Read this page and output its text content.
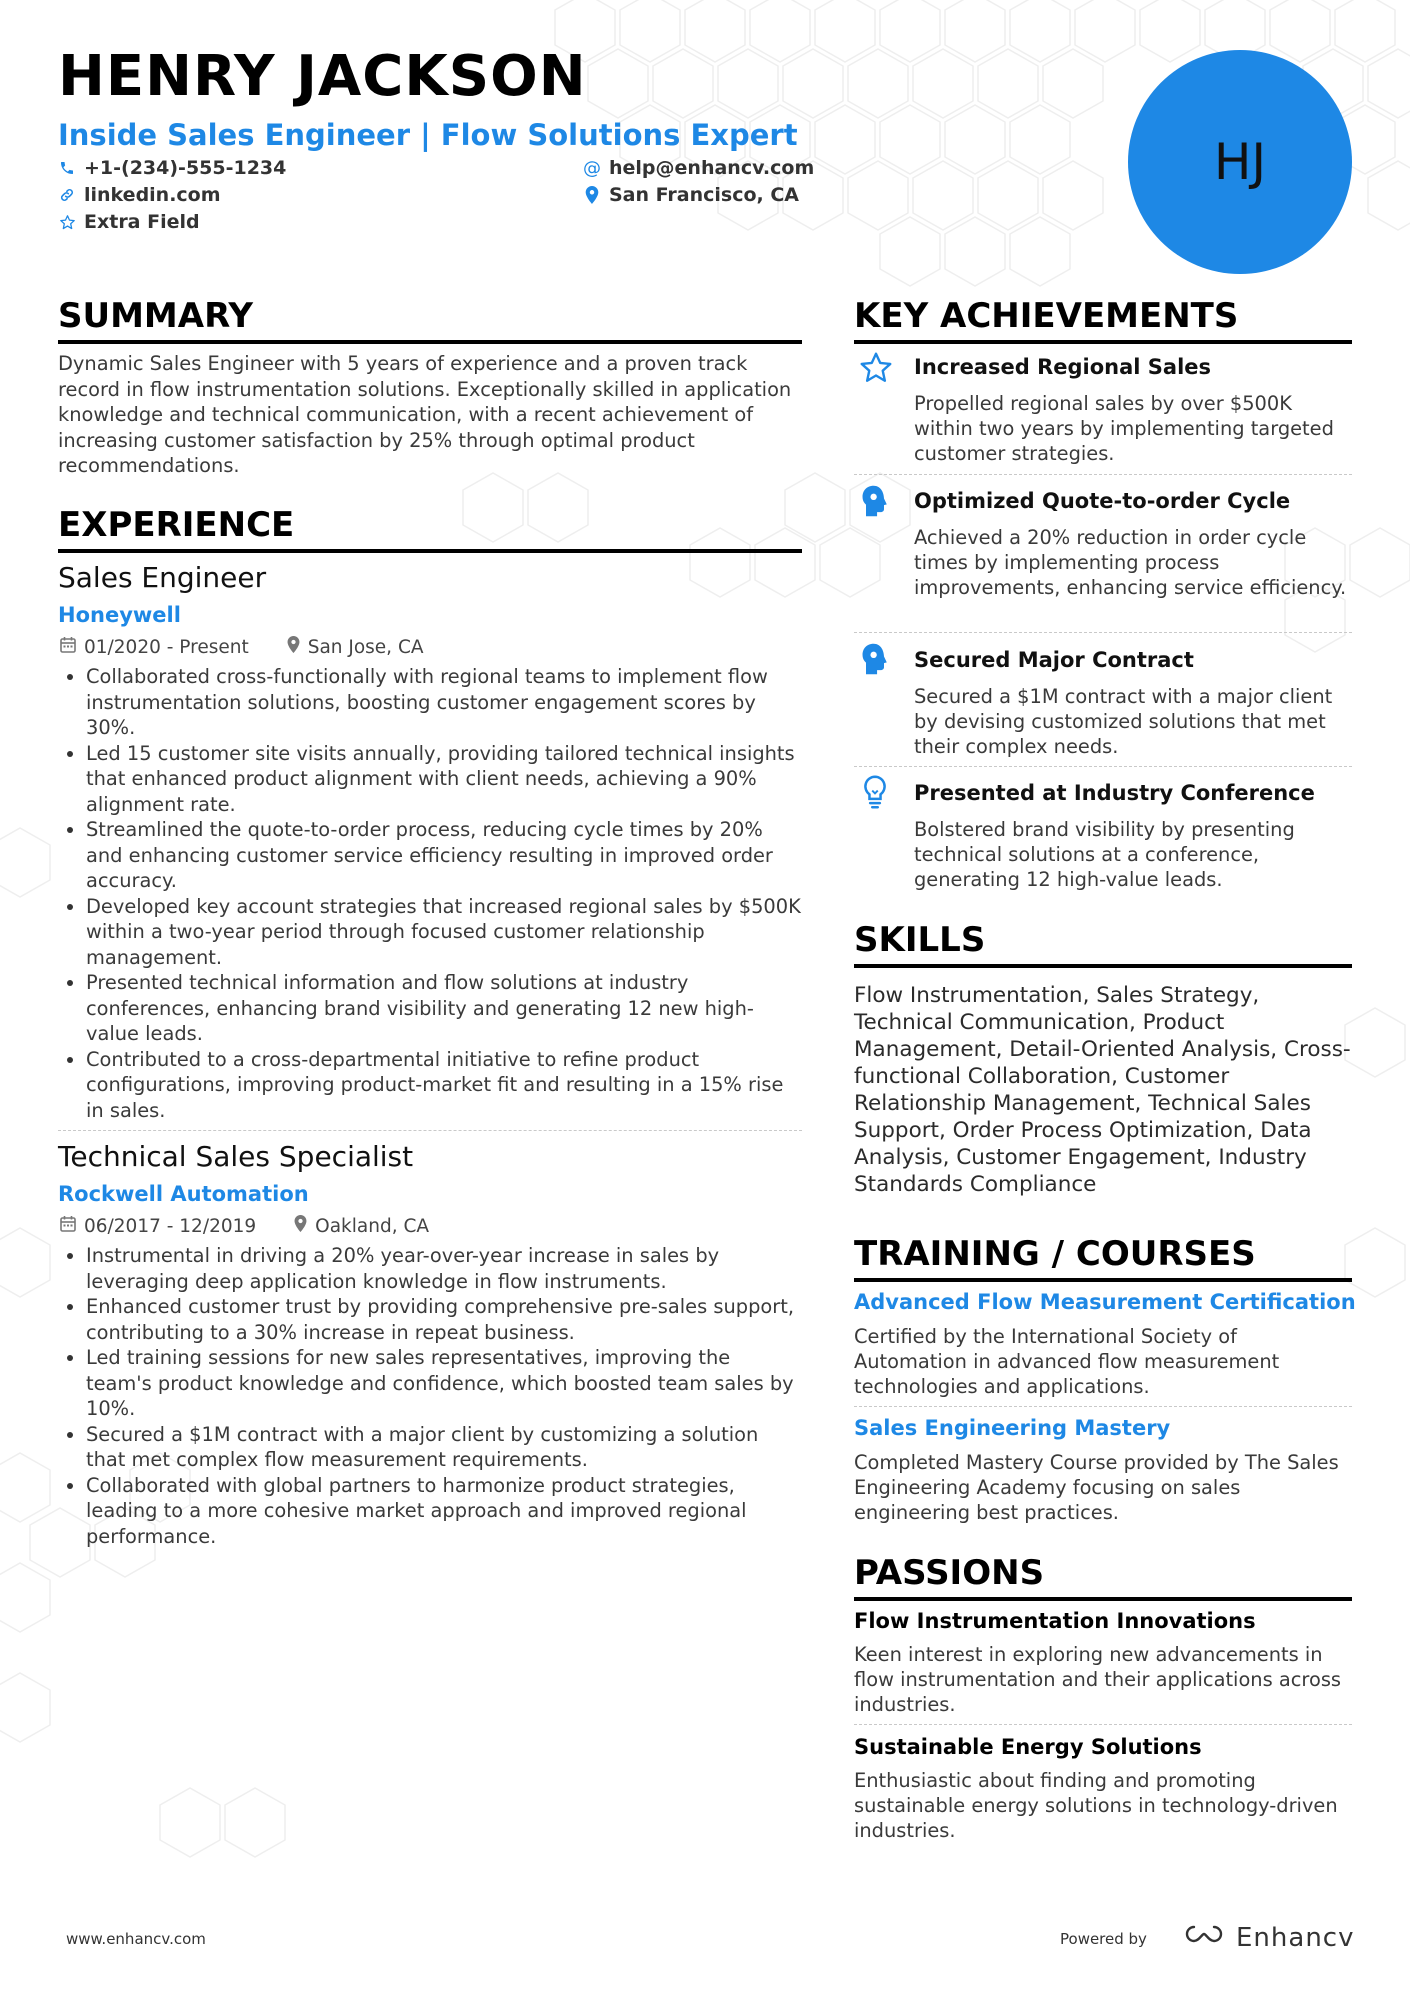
HENRY JACKSON
Inside Sales Engineer | Flow Solutions Expert
+1-(234)-555-1234
linkedin.com
Extra Field
@ help@enhancv.com
San Francisco, CA
HJ
SUMMARY
Dynamic Sales Engineer with 5 years of experience and a proven track record in flow instrumentation solutions. Exceptionally skilled in application knowledge and technical communication, with a recent achievement of increasing customer satisfaction by 25% through optimal product recommendations.
EXPERIENCE
Sales Engineer
Honeywell
01/2020 - Present	San Jose, CA
Collaborated cross-functionally with regional teams to implement flow instrumentation solutions, boosting customer engagement scores by 30%.
Led 15 customer site visits annually, providing tailored technical insights that enhanced product alignment with client needs, achieving a 90% alignment rate.
Streamlined the quote-to-order process, reducing cycle times by 20% and enhancing customer service efficiency resulting in improved order accuracy.
Developed key account strategies that increased regional sales by $500K within a two-year period through focused customer relationship management.
Presented technical information and flow solutions at industry conferences, enhancing brand visibility and generating 12 new high-value leads.
Contributed to a cross-departmental initiative to refine product configurations, improving product-market fit and resulting in a 15% rise in sales.
Technical Sales Specialist
Rockwell Automation
06/2017 - 12/2019	Oakland, CA
Instrumental in driving a 20% year-over-year increase in sales by leveraging deep application knowledge in flow instruments.
Enhanced customer trust by providing comprehensive pre-sales support, contributing to a 30% increase in repeat business.
Led training sessions for new sales representatives, improving the team's product knowledge and confidence, which boosted team sales by 10%.
Secured a $1M contract with a major client by customizing a solution that met complex flow measurement requirements.
Collaborated with global partners to harmonize product strategies, leading to a more cohesive market approach and improved regional performance.
KEY ACHIEVEMENTS
Increased Regional Sales
Propelled regional sales by over $500K within two years by implementing targeted customer strategies.
Optimized Quote-to-order Cycle
Achieved a 20% reduction in order cycle times by implementing process improvements, enhancing service efficiency.
Secured Major Contract
Secured a $1M contract with a major client by devising customized solutions that met their complex needs.
Presented at Industry Conference
Bolstered brand visibility by presenting technical solutions at a conference, generating 12 high-value leads.
SKILLS
Flow Instrumentation, Sales Strategy, Technical Communication, Product Management, Detail-Oriented Analysis, Cross-functional Collaboration, Customer Relationship Management, Technical Sales Support, Order Process Optimization, Data Analysis, Customer Engagement, Industry Standards Compliance
TRAINING / COURSES
Advanced Flow Measurement Certification
Certified by the International Society of Automation in advanced flow measurement technologies and applications.
Sales Engineering Mastery
Completed Mastery Course provided by The Sales Engineering Academy focusing on sales engineering best practices.
PASSIONS
Flow Instrumentation Innovations
Keen interest in exploring new advancements in flow instrumentation and their applications across industries.
Sustainable Energy Solutions
Enthusiastic about finding and promoting sustainable energy solutions in technology-driven industries.
www.enhancv.com	Powered by	Enhancv
